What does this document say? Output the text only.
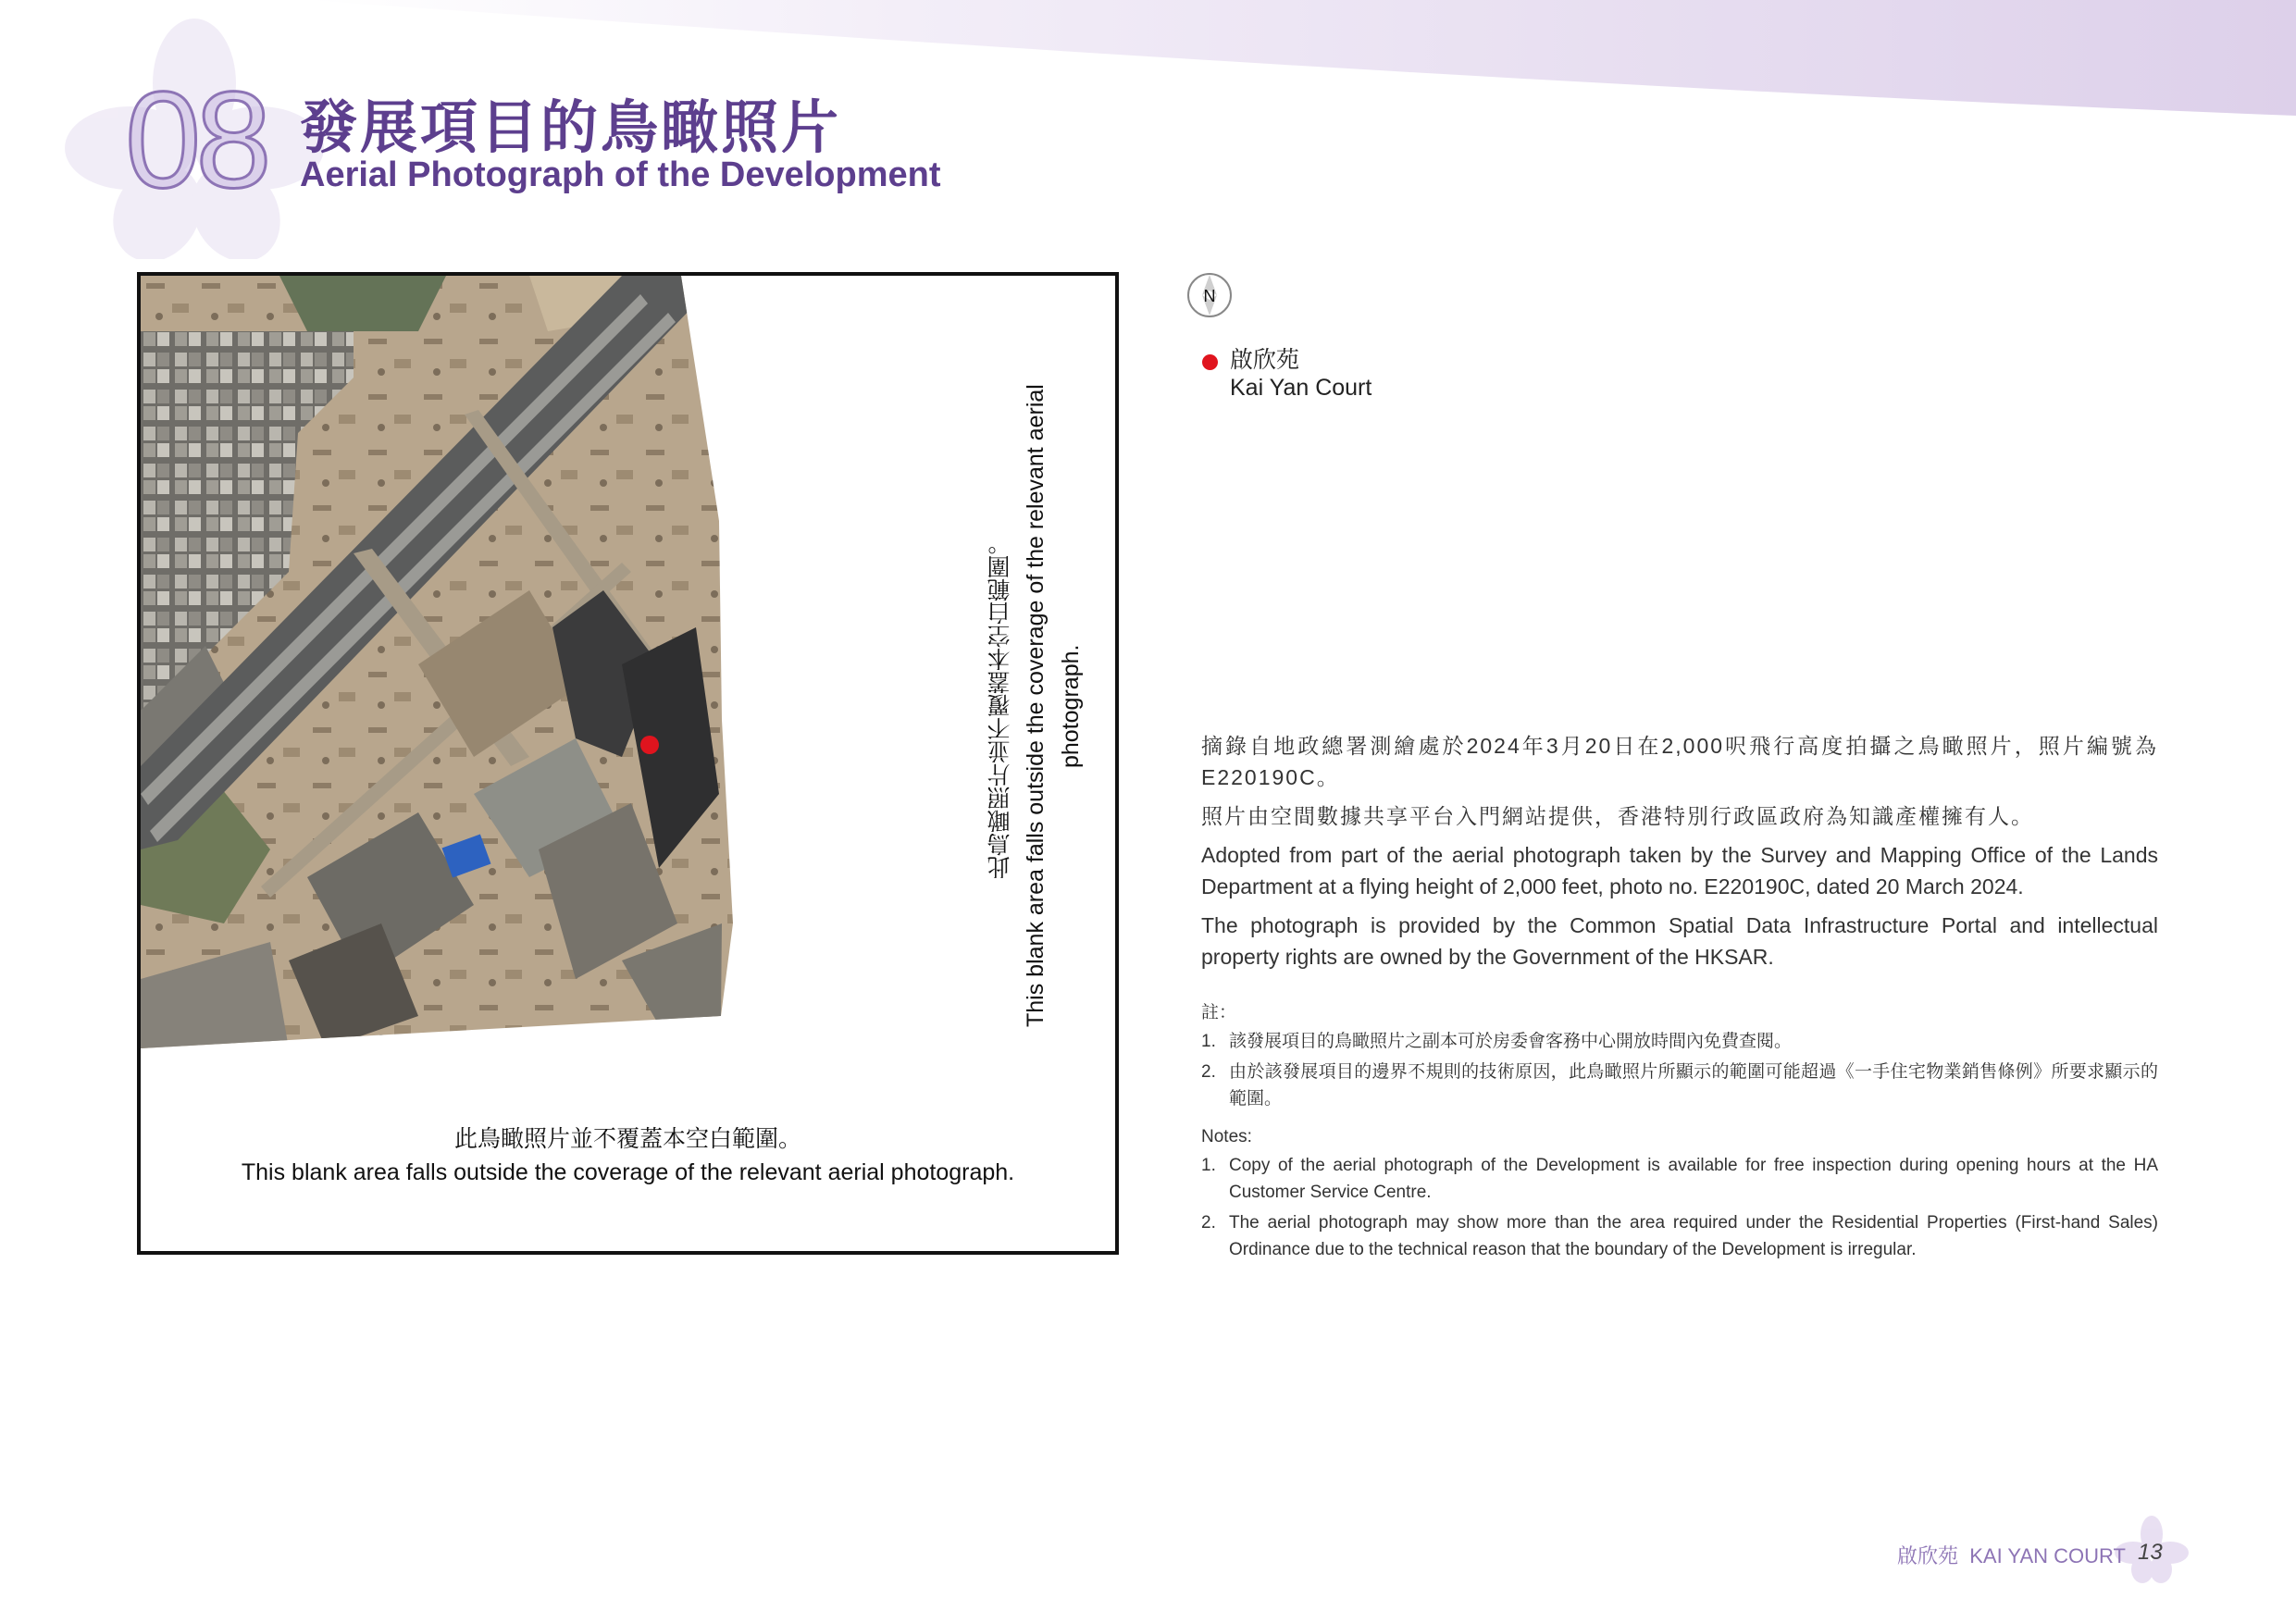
08 發展項目的鳥瞰照片
Aerial Photograph of the Development
此鳥瞰照片並不覆蓋本空白範圍。 This blank area falls outside the coverage of the relevant aerial photograph.
此鳥瞰照片並不覆蓋本空白範圍。
This blank area falls outside the coverage of the relevant aerial photograph.
N
啟欣苑
Kai Yan Court

摘錄自地政總署測繪處於2024年3月20日在2,000呎飛行高度拍攝之鳥瞰照片，照片編號為E220190C。

照片由空間數據共享平台入門網站提供，香港特別行政區政府為知識產權擁有人。

Adopted from part of the aerial photograph taken by the Survey and Mapping Office of the Lands Department at a flying height of 2,000 feet, photo no. E220190C, dated 20 March 2024.

The photograph is provided by the Common Spatial Data Infrastructure Portal and intellectual property rights are owned by the Government of the HKSAR.

註：
1. 該發展項目的鳥瞰照片之副本可於房委會客務中心開放時間內免費查閱。
2. 由於該發展項目的邊界不規則的技術原因，此鳥瞰照片所顯示的範圍可能超過《一手住宅物業銷售條例》所要求顯示的範圍。
Notes:
1. Copy of the aerial photograph of the Development is available for free inspection during opening hours at the HA Customer Service Centre.
2. The aerial photograph may show more than the area required under the Residential Properties (First-hand Sales) Ordinance due to the technical reason that the boundary of the Development is irregular.
啟欣苑 KAI YAN COURT 13
